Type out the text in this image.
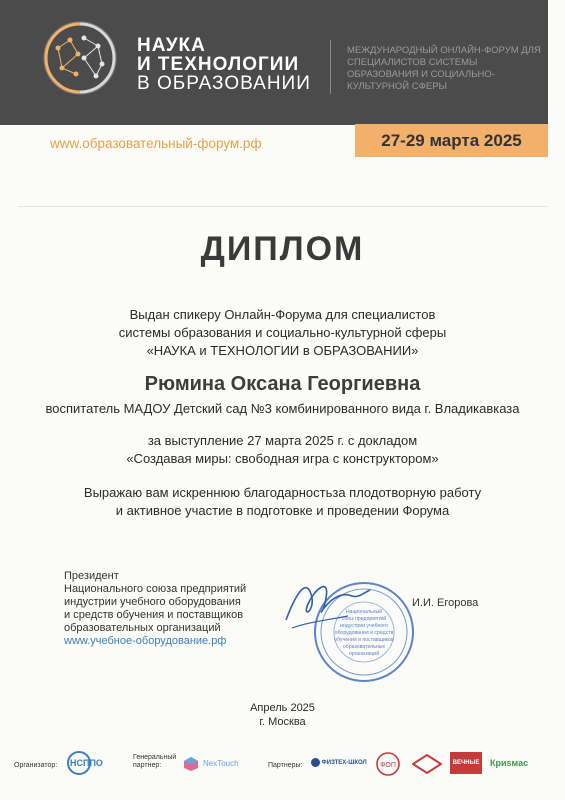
НАУКА
И ТЕХНОЛОГИИ
В ОБРАЗОВАНИИ
МЕЖДУНАРОДНЫЙ ОНЛАЙН-ФОРУМ ДЛЯ СПЕЦИАЛИСТОВ СИСТЕМЫ ОБРАЗОВАНИЯ И СОЦИАЛЬНО-КУЛЬТУРНОЙ СФЕРЫ
www.образовательный-форум.рф	27-29 марта 2025
ДИПЛОМ
Выдан спикеру Онлайн-Форума для специалистов
системы образования и социально-культурной сферы
«НАУКА и ТЕХНОЛОГИИ в ОБРАЗОВАНИИ»
Рюмина Оксана Георгиевна
воспитатель МАДОУ Детский сад №3 комбинированного вида г. Владикавказа
за выступление 27 марта 2025 г. с докладом
«Создавая миры: свободная игра с конструктором»
Выражаю вам искреннюю благодарностьза плодотворную работу
и активное участие в подготовке и проведении Форума
Президент
Национального союза предприятий
индустрии учебного оборудования
и средств обучения и поставщиков
образовательных организаций
www.учебное-оборудование.рф
Национальный
союз предприятий
индустрии учебного
оборудования и средств
обучения и поставщиков
образовательных
организаций
И.И. Егорова
Апрель 2025
г. Москва
Организатор: НСППО
Генеральный
партнер:	NexTouch	Партнеры:	ФИЗТЕХ-ШКОЛ ФОП	ВЕЧНЫЕ Криsмас
